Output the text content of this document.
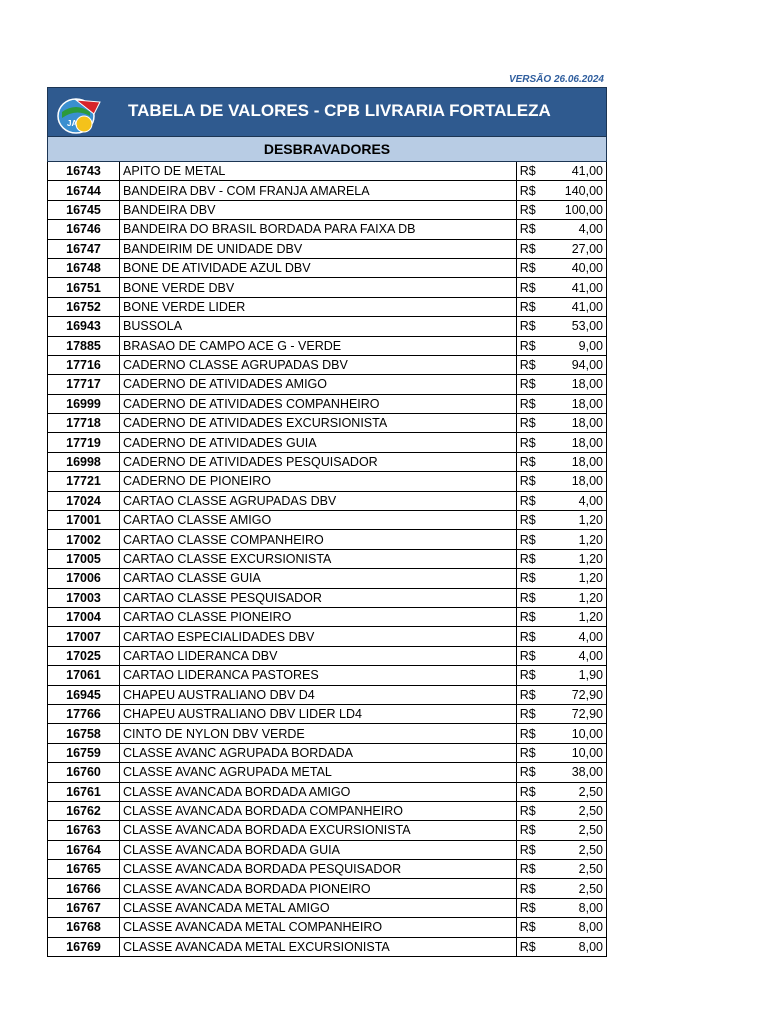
VERSÃO 26.06.2024
JA
TABELA DE VALORES - CPB LIVRARIA FORTALEZA
DESBRAVADORES
16743	APITO DE METAL	R$	41,00
16744	BANDEIRA DBV - COM FRANJA AMARELA	R$	140,00
16745	BANDEIRA DBV	R$	100,00
16746	BANDEIRA DO BRASIL BORDADA PARA FAIXA DB	R$	4,00
16747	BANDEIRIM DE UNIDADE DBV	R$	27,00
16748	BONE DE ATIVIDADE AZUL DBV	R$	40,00
16751	BONE VERDE DBV	R$	41,00
16752	BONE VERDE LIDER	R$	41,00
16943	BUSSOLA	R$	53,00
17885	BRASAO DE CAMPO ACE G - VERDE	R$	9,00
17716	CADERNO CLASSE AGRUPADAS DBV	R$	94,00
17717	CADERNO DE ATIVIDADES AMIGO	R$	18,00
16999	CADERNO DE ATIVIDADES COMPANHEIRO	R$	18,00
17718	CADERNO DE ATIVIDADES EXCURSIONISTA	R$	18,00
17719	CADERNO DE ATIVIDADES GUIA	R$	18,00
16998	CADERNO DE ATIVIDADES PESQUISADOR	R$	18,00
17721	CADERNO DE PIONEIRO	R$	18,00
17024	CARTAO CLASSE AGRUPADAS DBV	R$	4,00
17001	CARTAO CLASSE AMIGO	R$	1,20
17002	CARTAO CLASSE COMPANHEIRO	R$	1,20
17005	CARTAO CLASSE EXCURSIONISTA	R$	1,20
17006	CARTAO CLASSE GUIA	R$	1,20
17003	CARTAO CLASSE PESQUISADOR	R$	1,20
17004	CARTAO CLASSE PIONEIRO	R$	1,20
17007	CARTAO ESPECIALIDADES DBV	R$	4,00
17025	CARTAO LIDERANCA DBV	R$	4,00
17061	CARTAO LIDERANCA PASTORES	R$	1,90
16945	CHAPEU AUSTRALIANO DBV D4	R$	72,90
17766	CHAPEU AUSTRALIANO DBV LIDER LD4	R$	72,90
16758	CINTO DE NYLON DBV VERDE	R$	10,00
16759	CLASSE AVANC AGRUPADA BORDADA	R$	10,00
16760	CLASSE AVANC AGRUPADA METAL	R$	38,00
16761	CLASSE AVANCADA BORDADA AMIGO	R$	2,50
16762	CLASSE AVANCADA BORDADA COMPANHEIRO	R$	2,50
16763	CLASSE AVANCADA BORDADA EXCURSIONISTA	R$	2,50
16764	CLASSE AVANCADA BORDADA GUIA	R$	2,50
16765	CLASSE AVANCADA BORDADA PESQUISADOR	R$	2,50
16766	CLASSE AVANCADA BORDADA PIONEIRO	R$	2,50
16767	CLASSE AVANCADA METAL AMIGO	R$	8,00
16768	CLASSE AVANCADA METAL COMPANHEIRO	R$	8,00
16769	CLASSE AVANCADA METAL EXCURSIONISTA	R$	8,00
